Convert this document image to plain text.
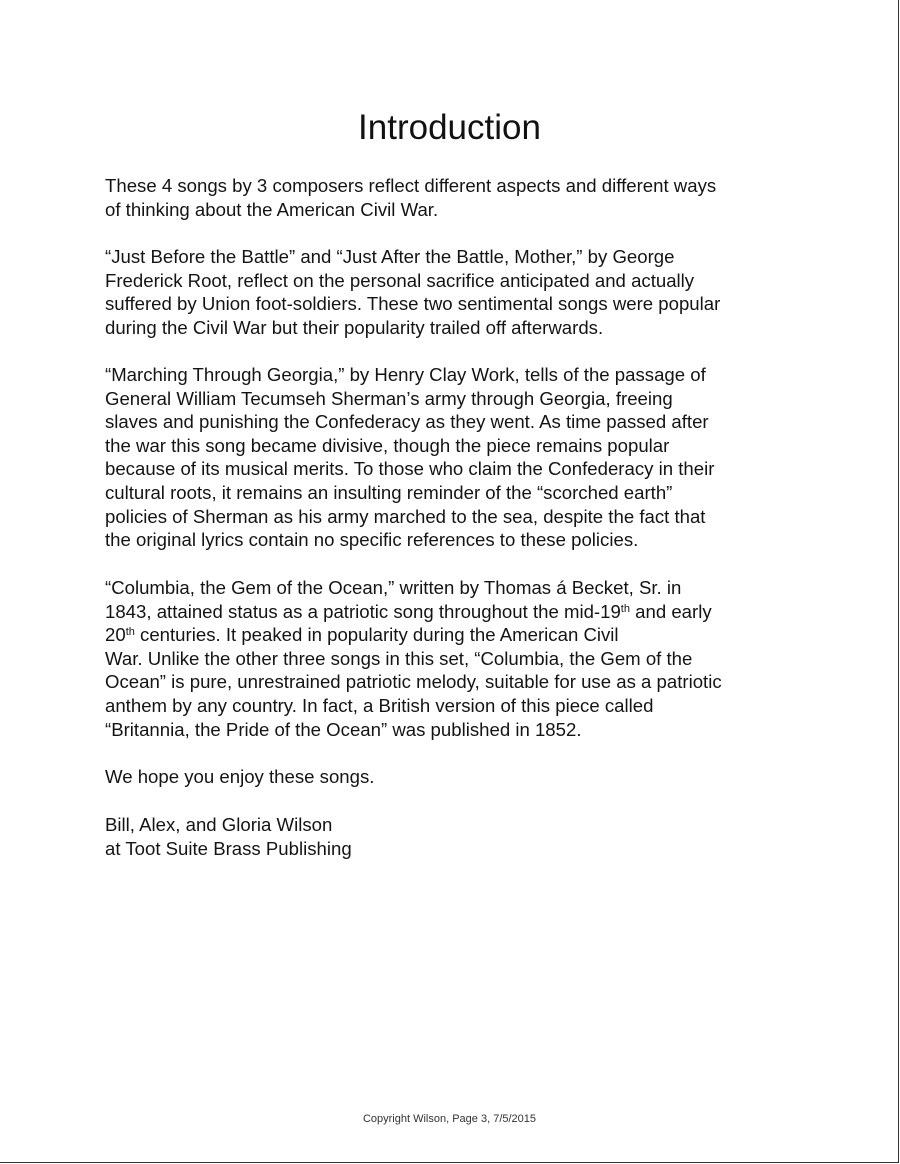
Introduction

These 4 songs by 3 composers reflect different aspects and different ways
of thinking about the American Civil War.

“Just Before the Battle” and “Just After the Battle, Mother,” by George
Frederick Root, reflect on the personal sacrifice anticipated and actually
suffered by Union foot-soldiers. These two sentimental songs were popular
during the Civil War but their popularity trailed off afterwards.

“Marching Through Georgia,” by Henry Clay Work, tells of the passage of
General William Tecumseh Sherman’s army through Georgia, freeing
slaves and punishing the Confederacy as they went. As time passed after
the war this song became divisive, though the piece remains popular
because of its musical merits. To those who claim the Confederacy in their
cultural roots, it remains an insulting reminder of the “scorched earth”
policies of Sherman as his army marched to the sea, despite the fact that
the original lyrics contain no specific references to these policies.

“Columbia, the Gem of the Ocean,” written by Thomas á Becket, Sr. in
1843, attained status as a patriotic song throughout the mid-19th and early
20th centuries. It peaked in popularity during the American Civil
War. Unlike the other three songs in this set, “Columbia, the Gem of the
Ocean” is pure, unrestrained patriotic melody, suitable for use as a patriotic
anthem by any country. In fact, a British version of this piece called
“Britannia, the Pride of the Ocean” was published in 1852.

We hope you enjoy these songs.

Bill, Alex, and Gloria Wilson
at Toot Suite Brass Publishing

Copyright Wilson, Page 3, 7/5/2015
